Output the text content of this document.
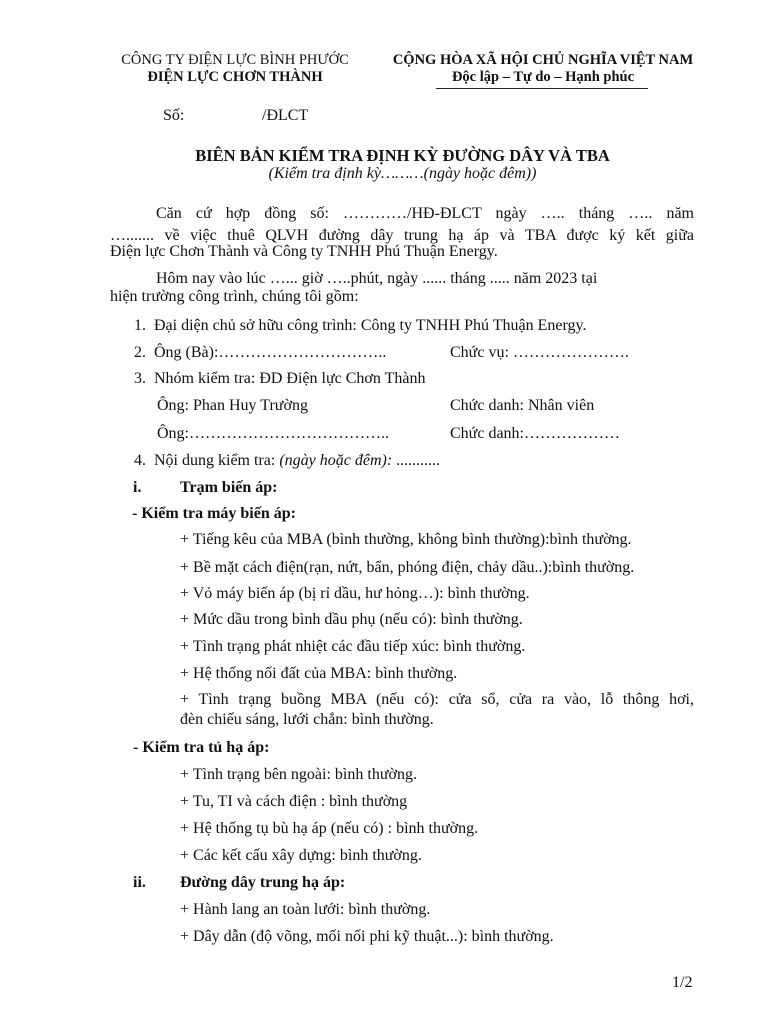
CÔNG TY ĐIỆN LỰC BÌNH PHƯỚC
ĐIỆN LỰC CHƠN THÀNH
CỘNG HÒA XÃ HỘI CHỦ NGHĨA VIỆT NAM
Độc lập – Tự do – Hạnh phúc
Số:	/ĐLCT
BIÊN BẢN KIỂM TRA ĐỊNH KỲ ĐƯỜNG DÂY VÀ TBA
(Kiểm tra định kỳ………(ngày hoặc đêm))
Căn cứ hợp đồng số: …………/HĐ-ĐLCT ngày ….. tháng ….. năm
…....... về việc thuê QLVH đường dây trung hạ áp và TBA được ký kết giữa
Điện lực Chơn Thành và Công ty TNHH Phú Thuận Energy.
Hôm nay vào lúc …... giờ …..phút, ngày ...... tháng ..... năm 2023 tại
hiện trường công trình, chúng tôi gồm:
1.  Đại diện chủ sở hữu công trình: Công ty TNHH Phú Thuận Energy.
2.  Ông (Bà):…………………………..	Chức vụ: ………………….
3.  Nhóm kiểm tra: ĐD Điện lực Chơn Thành
Ông: Phan Huy Trường	Chức danh: Nhân viên
Ông:………………………………..	Chức danh:………………
4.  Nội dung kiểm tra: (ngày hoặc đêm): ...........
i. Trạm biến áp:
- Kiểm tra máy biến áp:
+ Tiếng kêu của MBA (bình thường, không bình thường):bình thường.
+ Bề mặt cách điện(rạn, nứt, bẩn, phóng điện, chảy dầu..):bình thường.
+ Vỏ máy biến áp (bị rỉ dầu, hư hỏng…): bình thường.
+ Mức dầu trong bình dầu phụ (nếu có): bình thường.
+ Tình trạng phát nhiệt các đầu tiếp xúc: bình thường.
+ Hệ thống nối đất của MBA: bình thường.
+ Tình trạng buồng MBA (nếu có): cửa sổ, cửa ra vào, lỗ thông hơi,
đèn chiếu sáng, lưới chắn: bình thường.
- Kiểm tra tủ hạ áp:
+ Tình trạng bên ngoài: bình thường.
+ Tu, TI và cách điện : bình thường
+ Hệ thống tụ bù hạ áp (nếu có) : bình thường.
+ Các kết cấu xây dựng: bình thường.
ii. Đường dây trung hạ áp:
+ Hành lang an toàn lưới: bình thường.
+ Dây dẫn (độ võng, mối nối phi kỹ thuật...): bình thường.
1/2
